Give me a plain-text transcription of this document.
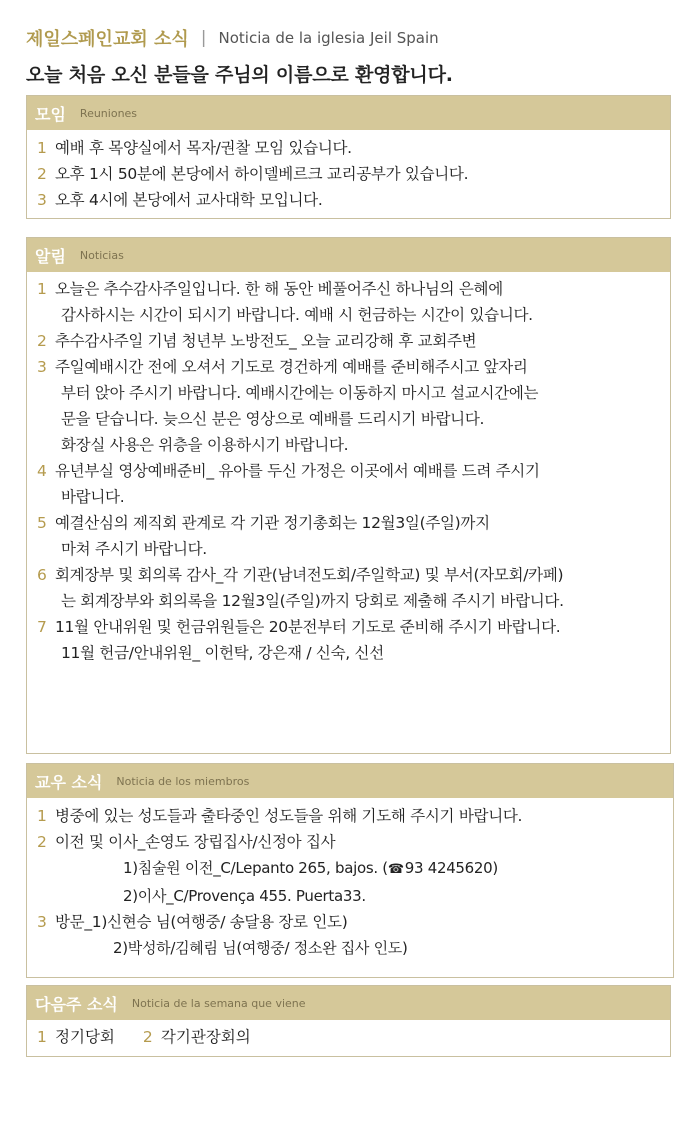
제일스페인교회 소식 | Noticia de la iglesia Jeil Spain
오늘 처음 오신 분들을 주님의 이름으로 환영합니다.
모임 Reuniones
1 예배 후 목양실에서 목자/권찰 모임 있습니다.
2 오후 1시 50분에 본당에서 하이델베르크 교리공부가 있습니다.
3 오후 4시에 본당에서 교사대학 모입니다.
알림 Noticias
1 오늘은 추수감사주일입니다. 한 해 동안 베풀어주신 하나님의 은혜에
감사하시는 시간이 되시기 바랍니다. 예배 시 헌금하는 시간이 있습니다.
2 추수감사주일 기념 청년부 노방전도_ 오늘 교리강해 후 교회주변
3 주일예배시간 전에 오셔서 기도로 경건하게 예배를 준비해주시고 앞자리
부터 앉아 주시기 바랍니다. 예배시간에는 이동하지 마시고 설교시간에는
문을 닫습니다. 늦으신 분은 영상으로 예배를 드리시기 바랍니다.
화장실 사용은 위층을 이용하시기 바랍니다.
4 유년부실 영상예배준비_ 유아를 두신 가정은 이곳에서 예배를 드려 주시기
바랍니다.
5 예결산심의 제직회 관계로 각 기관 정기총회는 12월3일(주일)까지
마쳐 주시기 바랍니다.
6 회계장부 및 회의록 감사_각 기관(남녀전도회/주일학교) 및 부서(자모회/카페)
는 회계장부와 회의록을 12월3일(주일)까지 당회로 제출해 주시기 바랍니다.
7 11월 안내위원 및 헌금위원들은 20분전부터 기도로 준비해 주시기 바랍니다.
11월 헌금/안내위원_ 이헌탁, 강은재 / 신숙, 신선
교우 소식 Noticia de los miembros
1 병중에 있는 성도들과 출타중인 성도들을 위해 기도해 주시기 바랍니다.
2 이전 및 이사_손영도 장립집사/신정아 집사
1)침술원 이전_C/Lepanto 265, bajos. (☎93 4245620)
2)이사_C/Provença 455. Puerta33.
3 방문_1)신현승 님(여행중/ 송달용 장로 인도)
2)박성하/김혜림 님(여행중/ 정소완 집사 인도)
다음주 소식 Noticia de la semana que viene
1 정기당회 2 각기관장회의
